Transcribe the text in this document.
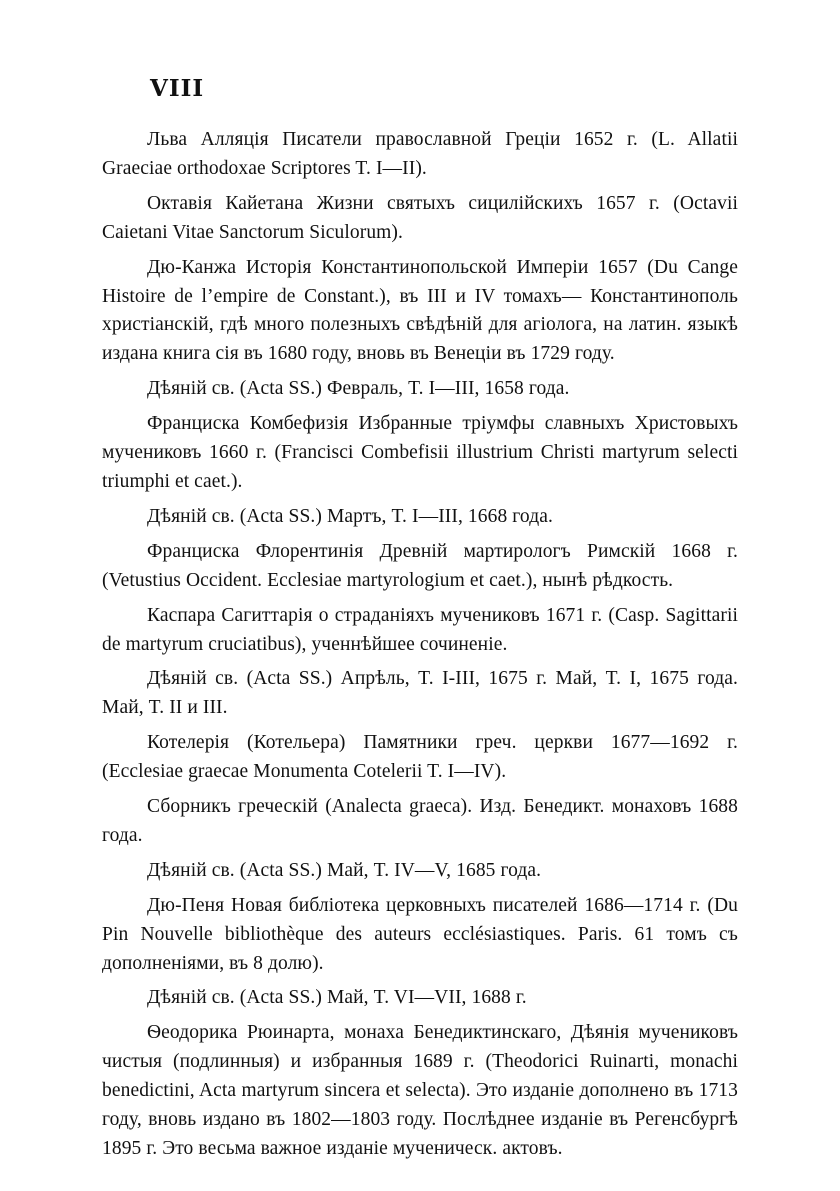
VIII

Льва Алляція Писатели православной Греціи 1652 г. (L. Allatii Graeciae orthodoxae Scriptores T. I—II).

Октавія Кайетана Жизни святыхъ сицилійскихъ 1657 г. (Octavii Caietani Vitae Sanctorum Siculorum).

Дю-Канжа Исторія Константинопольской Имперіи 1657 (Du Cange Histoire de l’empire de Constant.), въ III и IV томахъ— Константинополь христіанскій, гдѣ много полезныхъ свѣдѣній для агіолога, на латин. языкѣ издана книга сія въ 1680 году, вновь въ Венеціи въ 1729 году.

Дѣяній св. (Acta SS.) Февраль, T. I—III, 1658 года.

Франциска Комбефизія Избранные тріумфы славныхъ Христовыхъ мучениковъ 1660 г. (Francisci Combefisii illustrium Christi martyrum selecti triumphi et caet.).

Дѣяній св. (Acta SS.) Мартъ, T. I—III, 1668 года.

Франциска Флорентинія Древній мартирологъ Римскій 1668 г. (Vetustius Occident. Ecclesiae martyrologium et caet.), нынѣ рѣдкость.

Каспара Сагиттарія о страданіяхъ мучениковъ 1671 г. (Casp. Sagittarii de martyrum cruciatibus), ученнѣйшее сочиненіе.

Дѣяній св. (Acta SS.) Апрѣль, T. I-III, 1675 г. Май, T. I, 1675 года. Май, T. II и III.

Котелерія (Котельера) Памятники греч. церкви 1677—1692 г. (Ecclesiae graecae Monumenta Cotelerii T. I—IV).

Сборникъ греческій (Analecta graeca). Изд. Бенедикт. монаховъ 1688 года.

Дѣяній св. (Acta SS.) Май, T. IV—V, 1685 года.

Дю-Пеня Новая библіотека церковныхъ писателей 1686—1714 г. (Du Pin Nouvelle bibliothèque des auteurs ecclésiastiques. Paris. 61 томъ съ дополненіями, въ 8 долю).

Дѣяній св. (Acta SS.) Май, T. VI—VII, 1688 г.

Ѳеодорика Рюинарта, монаха Бенедиктинскаго, Дѣянія мучениковъ чистыя (подлинныя) и избранныя 1689 г. (Theodorici Ruinarti, monachi benedictini, Acta martyrum sincera et selecta). Это изданіе дополнено въ 1713 году, вновь издано въ 1802—1803 году. Послѣднее изданіе въ Регенсбургѣ 1895 г. Это весьма важное изданіе мученическ. актовъ.
